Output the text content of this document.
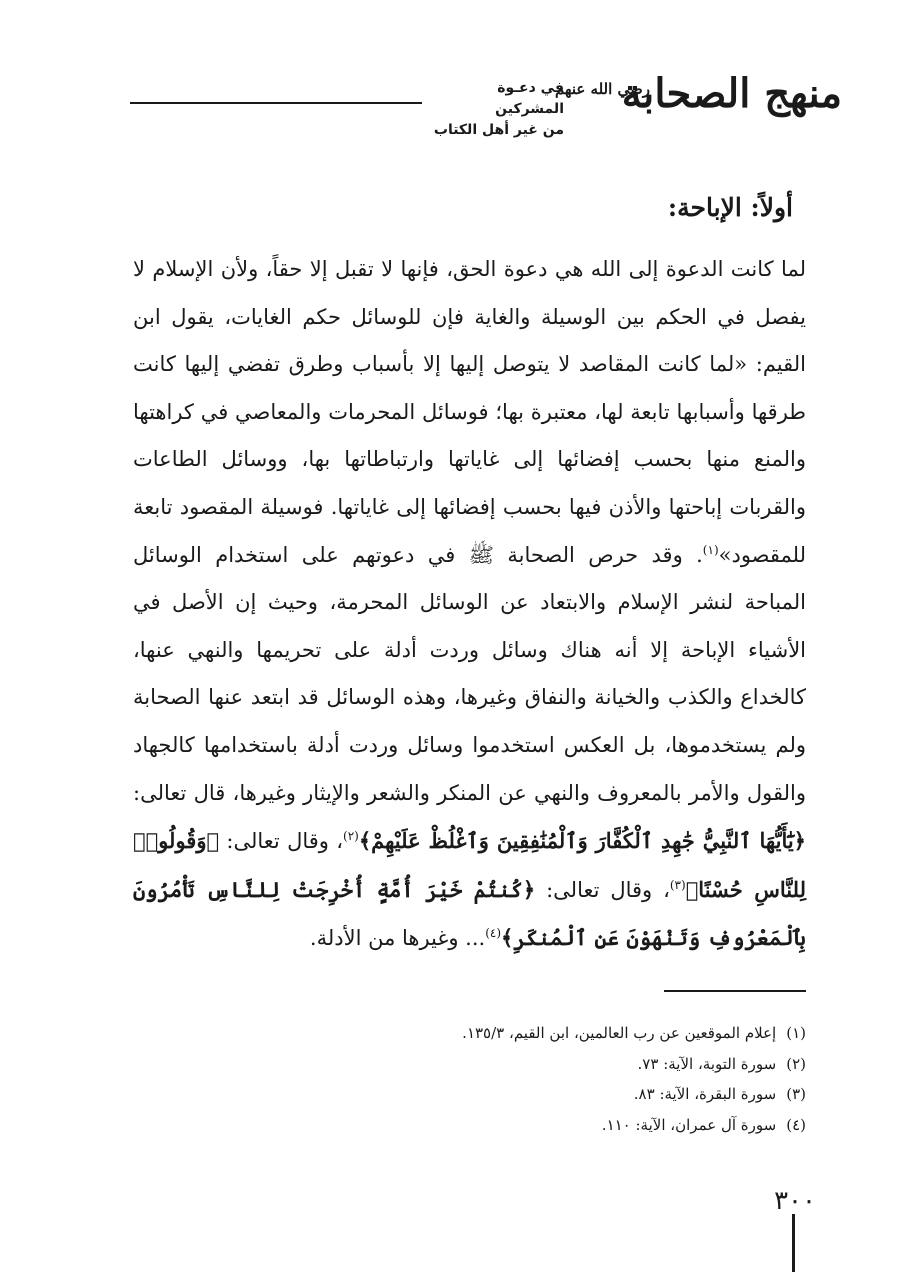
منهج الصحابة
رضي الله عنهم
في دعـوة المشركين
من غير أهل الكتاب
أولاً: الإباحة:
لما كانت الدعوة إلى الله هي دعوة الحق، فإنها لا تقبل إلا حقاً، ولأن الإسلام لا يفصل في الحكم بين الوسيلة والغاية فإن للوسائل حكم الغايات، يقول ابن القيم: «لما كانت المقاصد لا يتوصل إليها إلا بأسباب وطرق تفضي إليها كانت طرقها وأسبابها تابعة لها، معتبرة بها؛ فوسائل المحرمات والمعاصي في كراهتها والمنع منها بحسب إفضائها إلى غاياتها وارتباطاتها بها، ووسائل الطاعات والقربات إباحتها والأذن فيها بحسب إفضائها إلى غاياتها. فوسيلة المقصود تابعة للمقصود»$^{(١)}$. وقد حرص الصحابة ﷺ في دعوتهم على استخدام الوسائل المباحة لنشر الإسلام والابتعاد عن الوسائل المحرمة، وحيث إن الأصل في الأشياء الإباحة إلا أنه هناك وسائل وردت أدلة على تحريمها والنهي عنها، كالخداع والكذب والخيانة والنفاق وغيرها، وهذه الوسائل قد ابتعد عنها الصحابة ولم يستخدموها، بل العكس استخدموا وسائل وردت أدلة باستخدامها كالجهاد والقول والأمر بالمعروف والنهي عن المنكر والشعر والإيثار وغيرها، قال تعالى: ﴿يَٰٓأَيُّهَا ٱلنَّبِيُّ جَٰهِدِ ٱلْكُفَّارَ وَٱلْمُنَٰفِقِينَ وَٱغْلُظْ عَلَيْهِمْ﴾$^{(٢)}$، وقال تعالى: ﴿وَقُولُوا۟ لِلنَّاسِ حُسْنًا﴾$^{(٣)}$، وقال تعالى: ﴿كُنتُمْ خَيْرَ أُمَّةٍ أُخْرِجَتْ لِلنَّاسِ تَأْمُرُونَ بِٱلْمَعْرُوفِ وَتَنْهَوْنَ عَنِ ٱلْمُنكَرِ﴾$^{(٤)}$... وغيرها من الأدلة.
(١)إعلام الموقعين عن رب العالمين، ابن القيم، ١٣٥/٣.
(٢)سورة التوبة، الآية: ٧٣.
(٣)سورة البقرة، الآية: ٨٣.
(٤)سورة آل عمران، الآية: ١١٠.
٣٠٠
